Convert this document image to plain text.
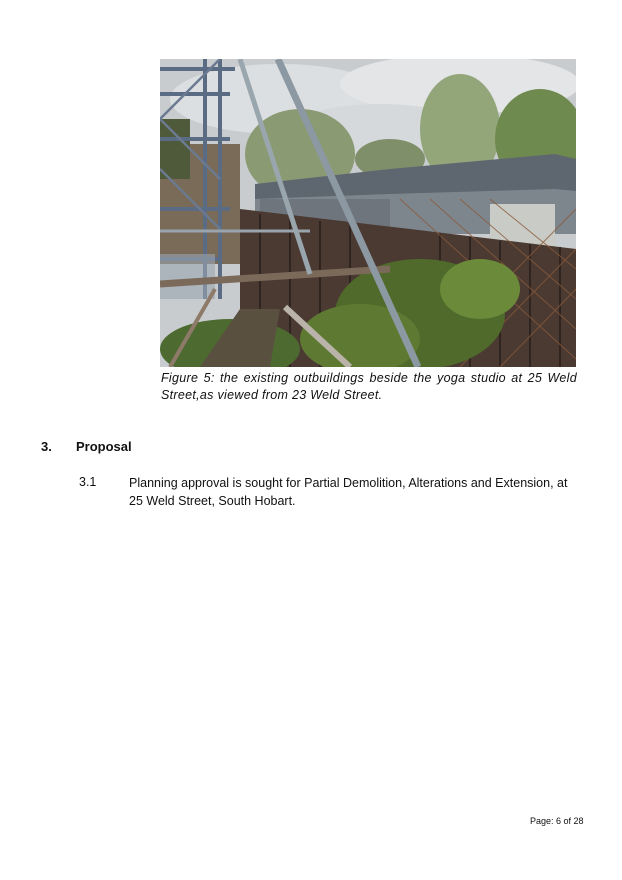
Figure 5: the existing outbuildings beside the yoga studio at 25 Weld Street,as viewed from 23 Weld Street.
3. Proposal
3.1	Planning approval is sought for Partial Demolition, Alterations and Extension, at 25 Weld Street, South Hobart.
Page: 6 of 28
